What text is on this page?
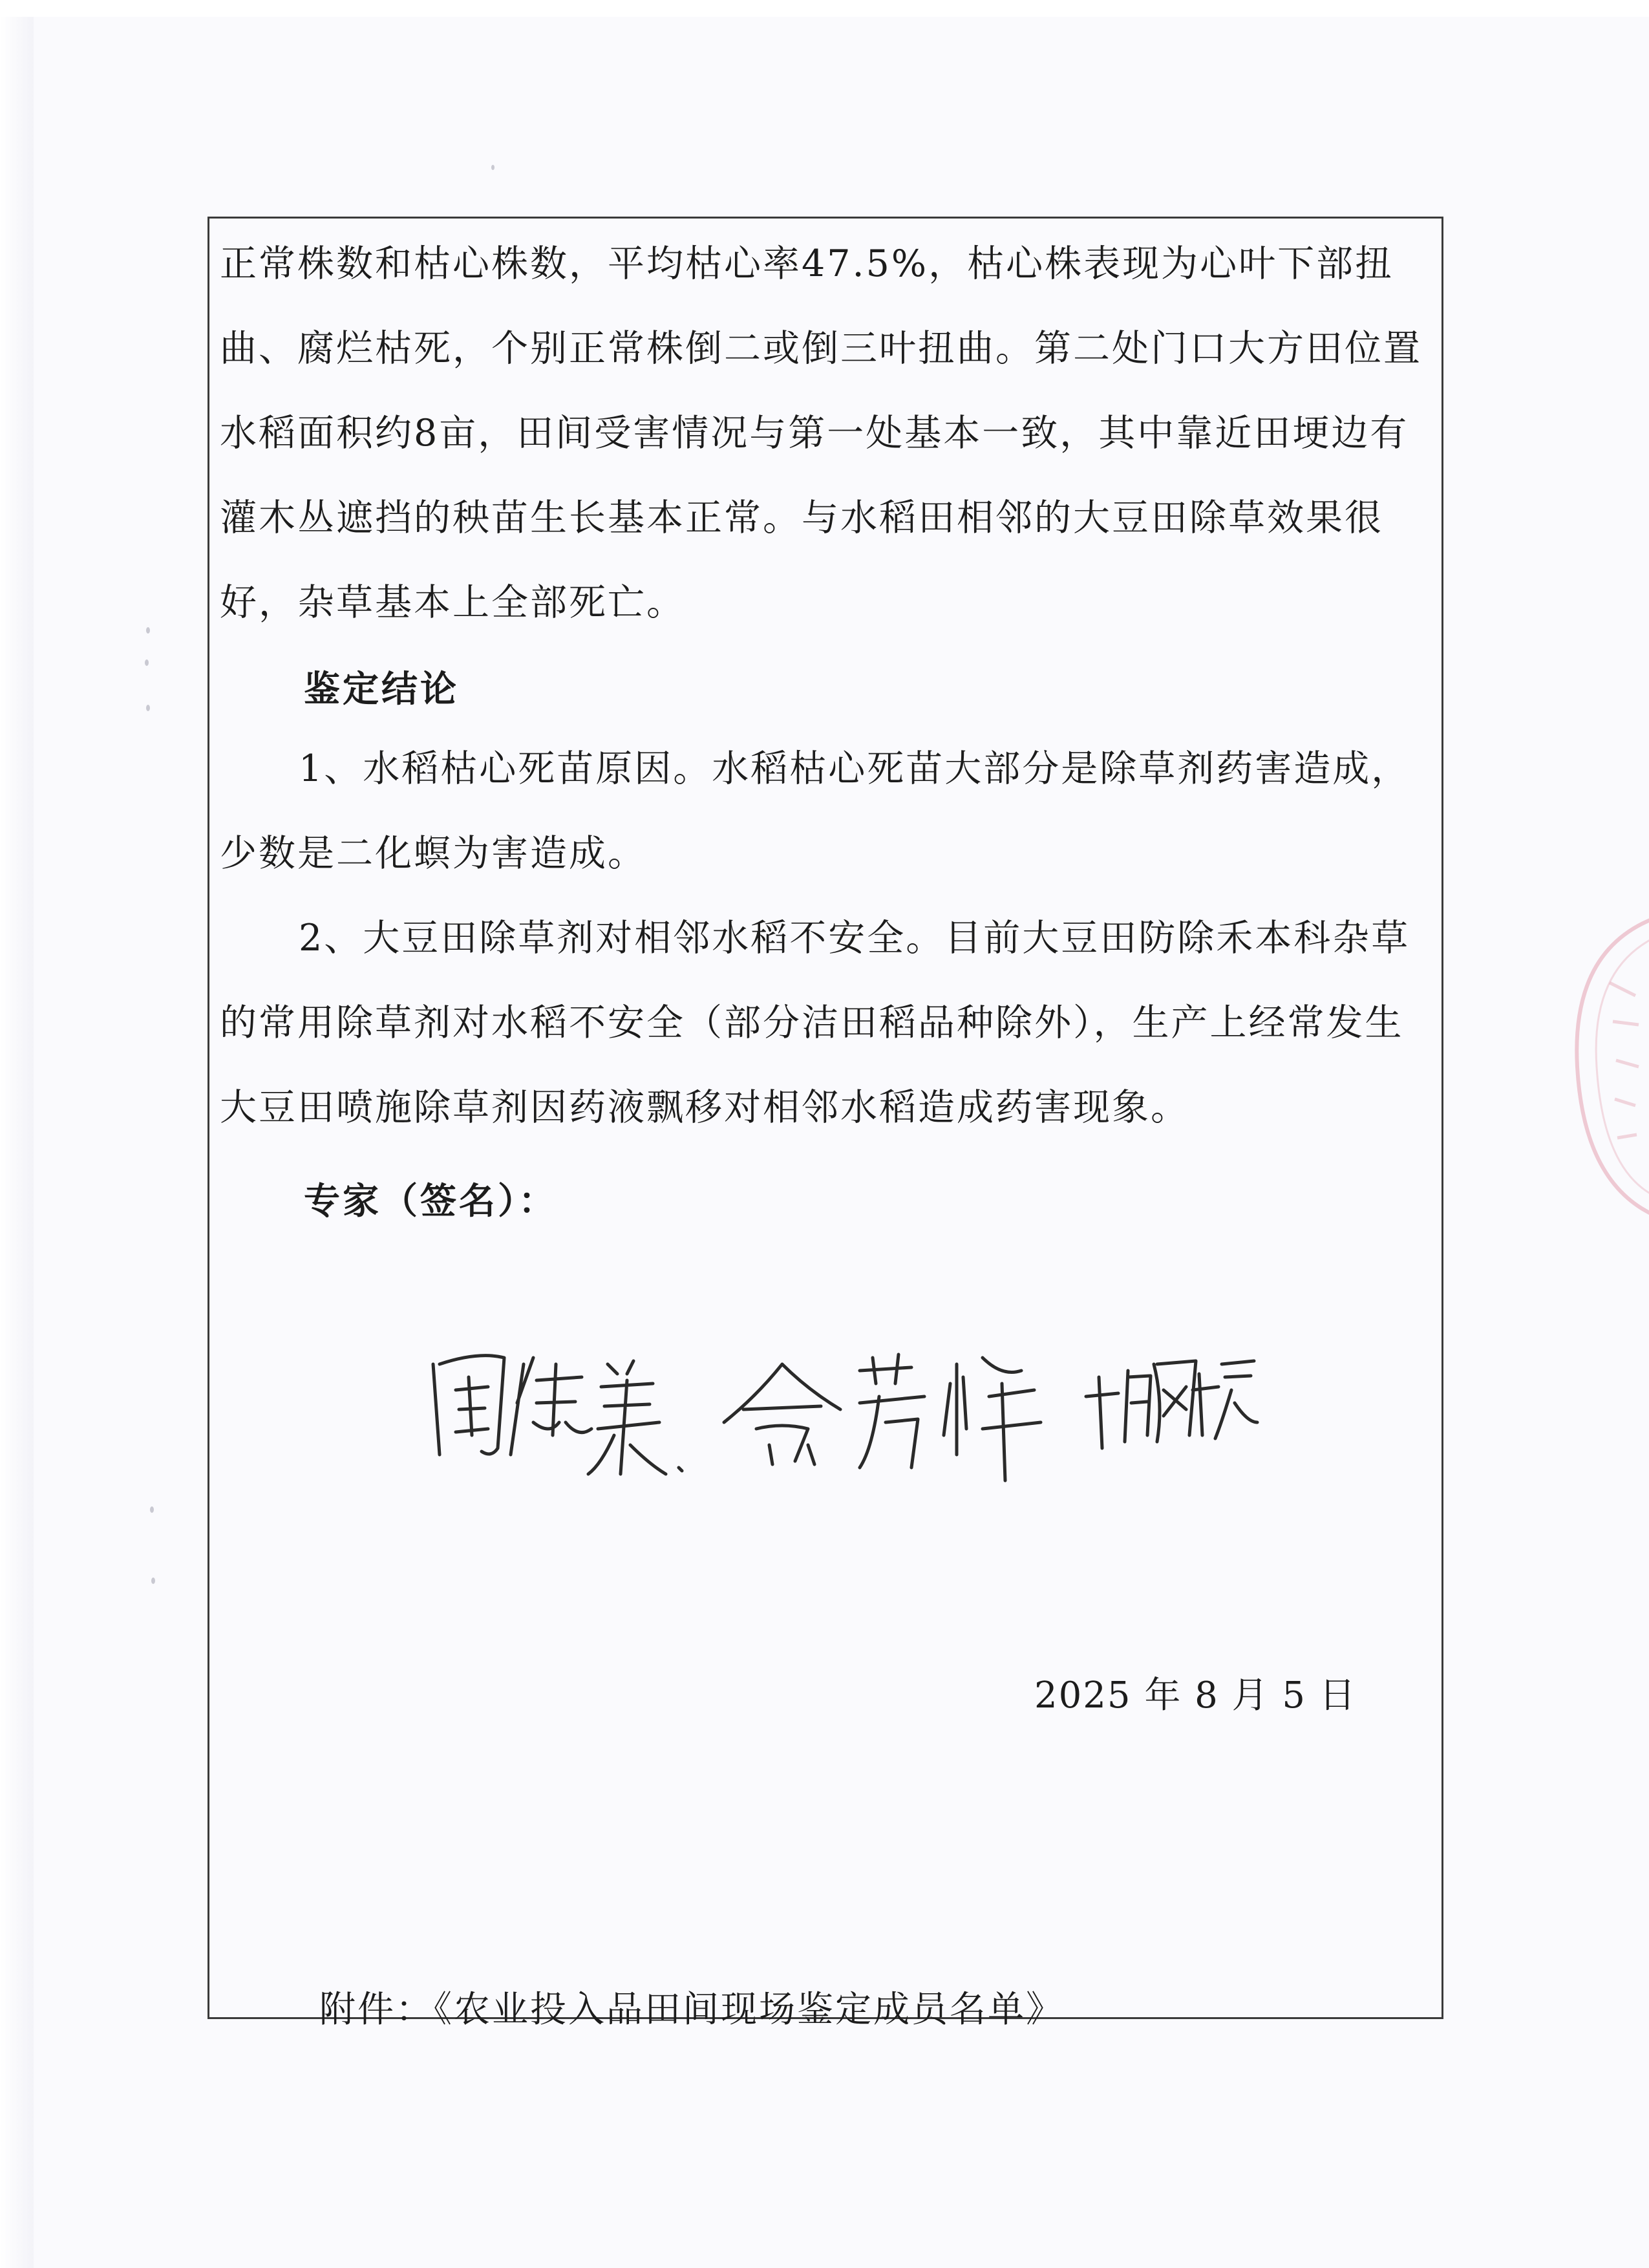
正常株数和枯心株数，平均枯心率47.5%，枯心株表现为心叶下部扭曲、腐烂枯死，个别正常株倒二或倒三叶扭曲。第二处门口大方田位置水稻面积约8亩，田间受害情况与第一处基本一致，其中靠近田埂边有灌木丛遮挡的秧苗生长基本正常。与水稻田相邻的大豆田除草效果很好，杂草基本上全部死亡。

鉴定结论

1、水稻枯心死苗原因。水稻枯心死苗大部分是除草剂药害造成，少数是二化螟为害造成。

2、大豆田除草剂对相邻水稻不安全。目前大豆田防除禾本科杂草的常用除草剂对水稻不安全（部分洁田稻品种除外），生产上经常发生大豆田喷施除草剂因药液飘移对相邻水稻造成药害现象。

专家（签名）：

2025 年 8 月 5 日

附件：《农业投入品田间现场鉴定成员名单》
